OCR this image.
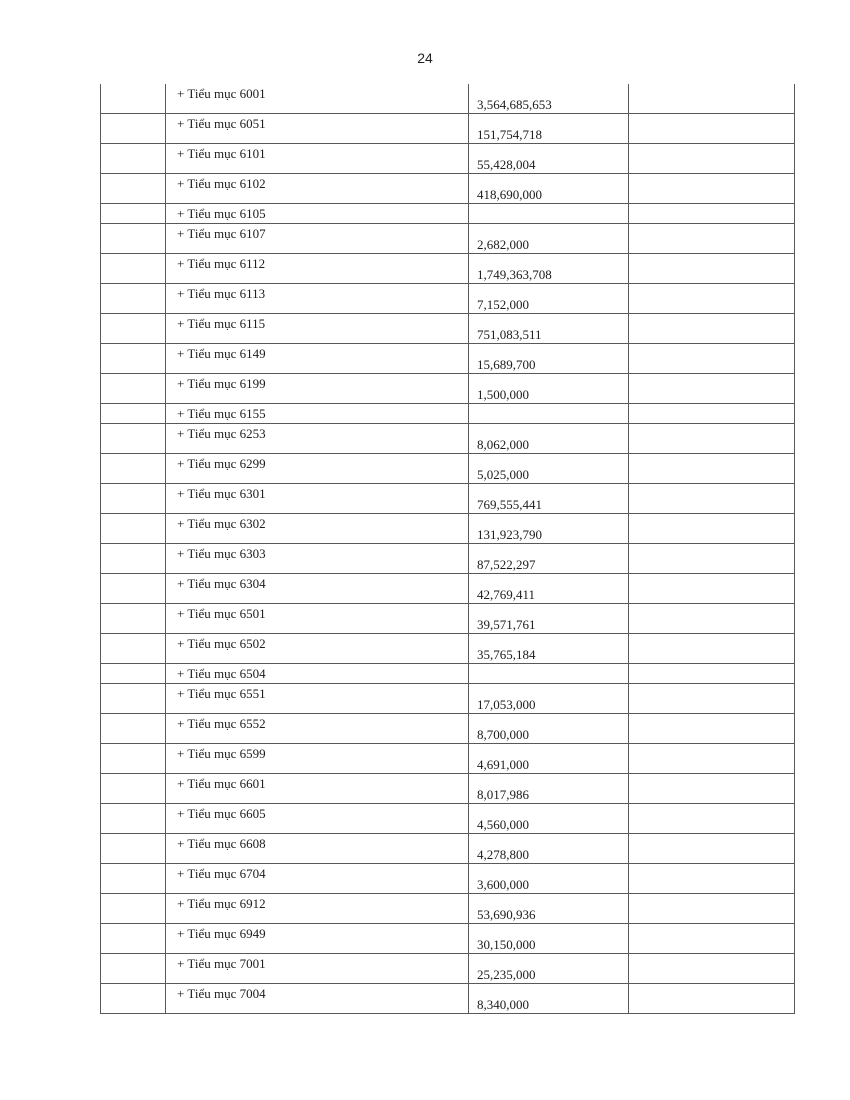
24
+ Tiểu mục 6001
3,564,685,653
+ Tiểu mục 6051
151,754,718
+ Tiểu mục 6101
55,428,004
+ Tiểu mục 6102
418,690,000
+ Tiểu mục 6105
+ Tiểu mục 6107
2,682,000
+ Tiểu mục 6112
1,749,363,708
+ Tiểu mục 6113
7,152,000
+ Tiểu mục 6115
751,083,511
+ Tiểu mục 6149
15,689,700
+ Tiểu mục 6199
1,500,000
+ Tiểu mục 6155
+ Tiểu mục 6253
8,062,000
+ Tiểu mục 6299
5,025,000
+ Tiểu mục 6301
769,555,441
+ Tiểu mục 6302
131,923,790
+ Tiểu mục 6303
87,522,297
+ Tiểu mục 6304
42,769,411
+ Tiểu mục 6501
39,571,761
+ Tiểu mục 6502
35,765,184
+ Tiểu mục 6504
+ Tiểu mục 6551
17,053,000
+ Tiểu mục 6552
8,700,000
+ Tiểu mục 6599
4,691,000
+ Tiểu mục 6601
8,017,986
+ Tiểu mục 6605
4,560,000
+ Tiểu mục 6608
4,278,800
+ Tiểu mục 6704
3,600,000
+ Tiểu mục 6912
53,690,936
+ Tiểu mục 6949
30,150,000
+ Tiểu mục 7001
25,235,000
+ Tiểu mục 7004
8,340,000
